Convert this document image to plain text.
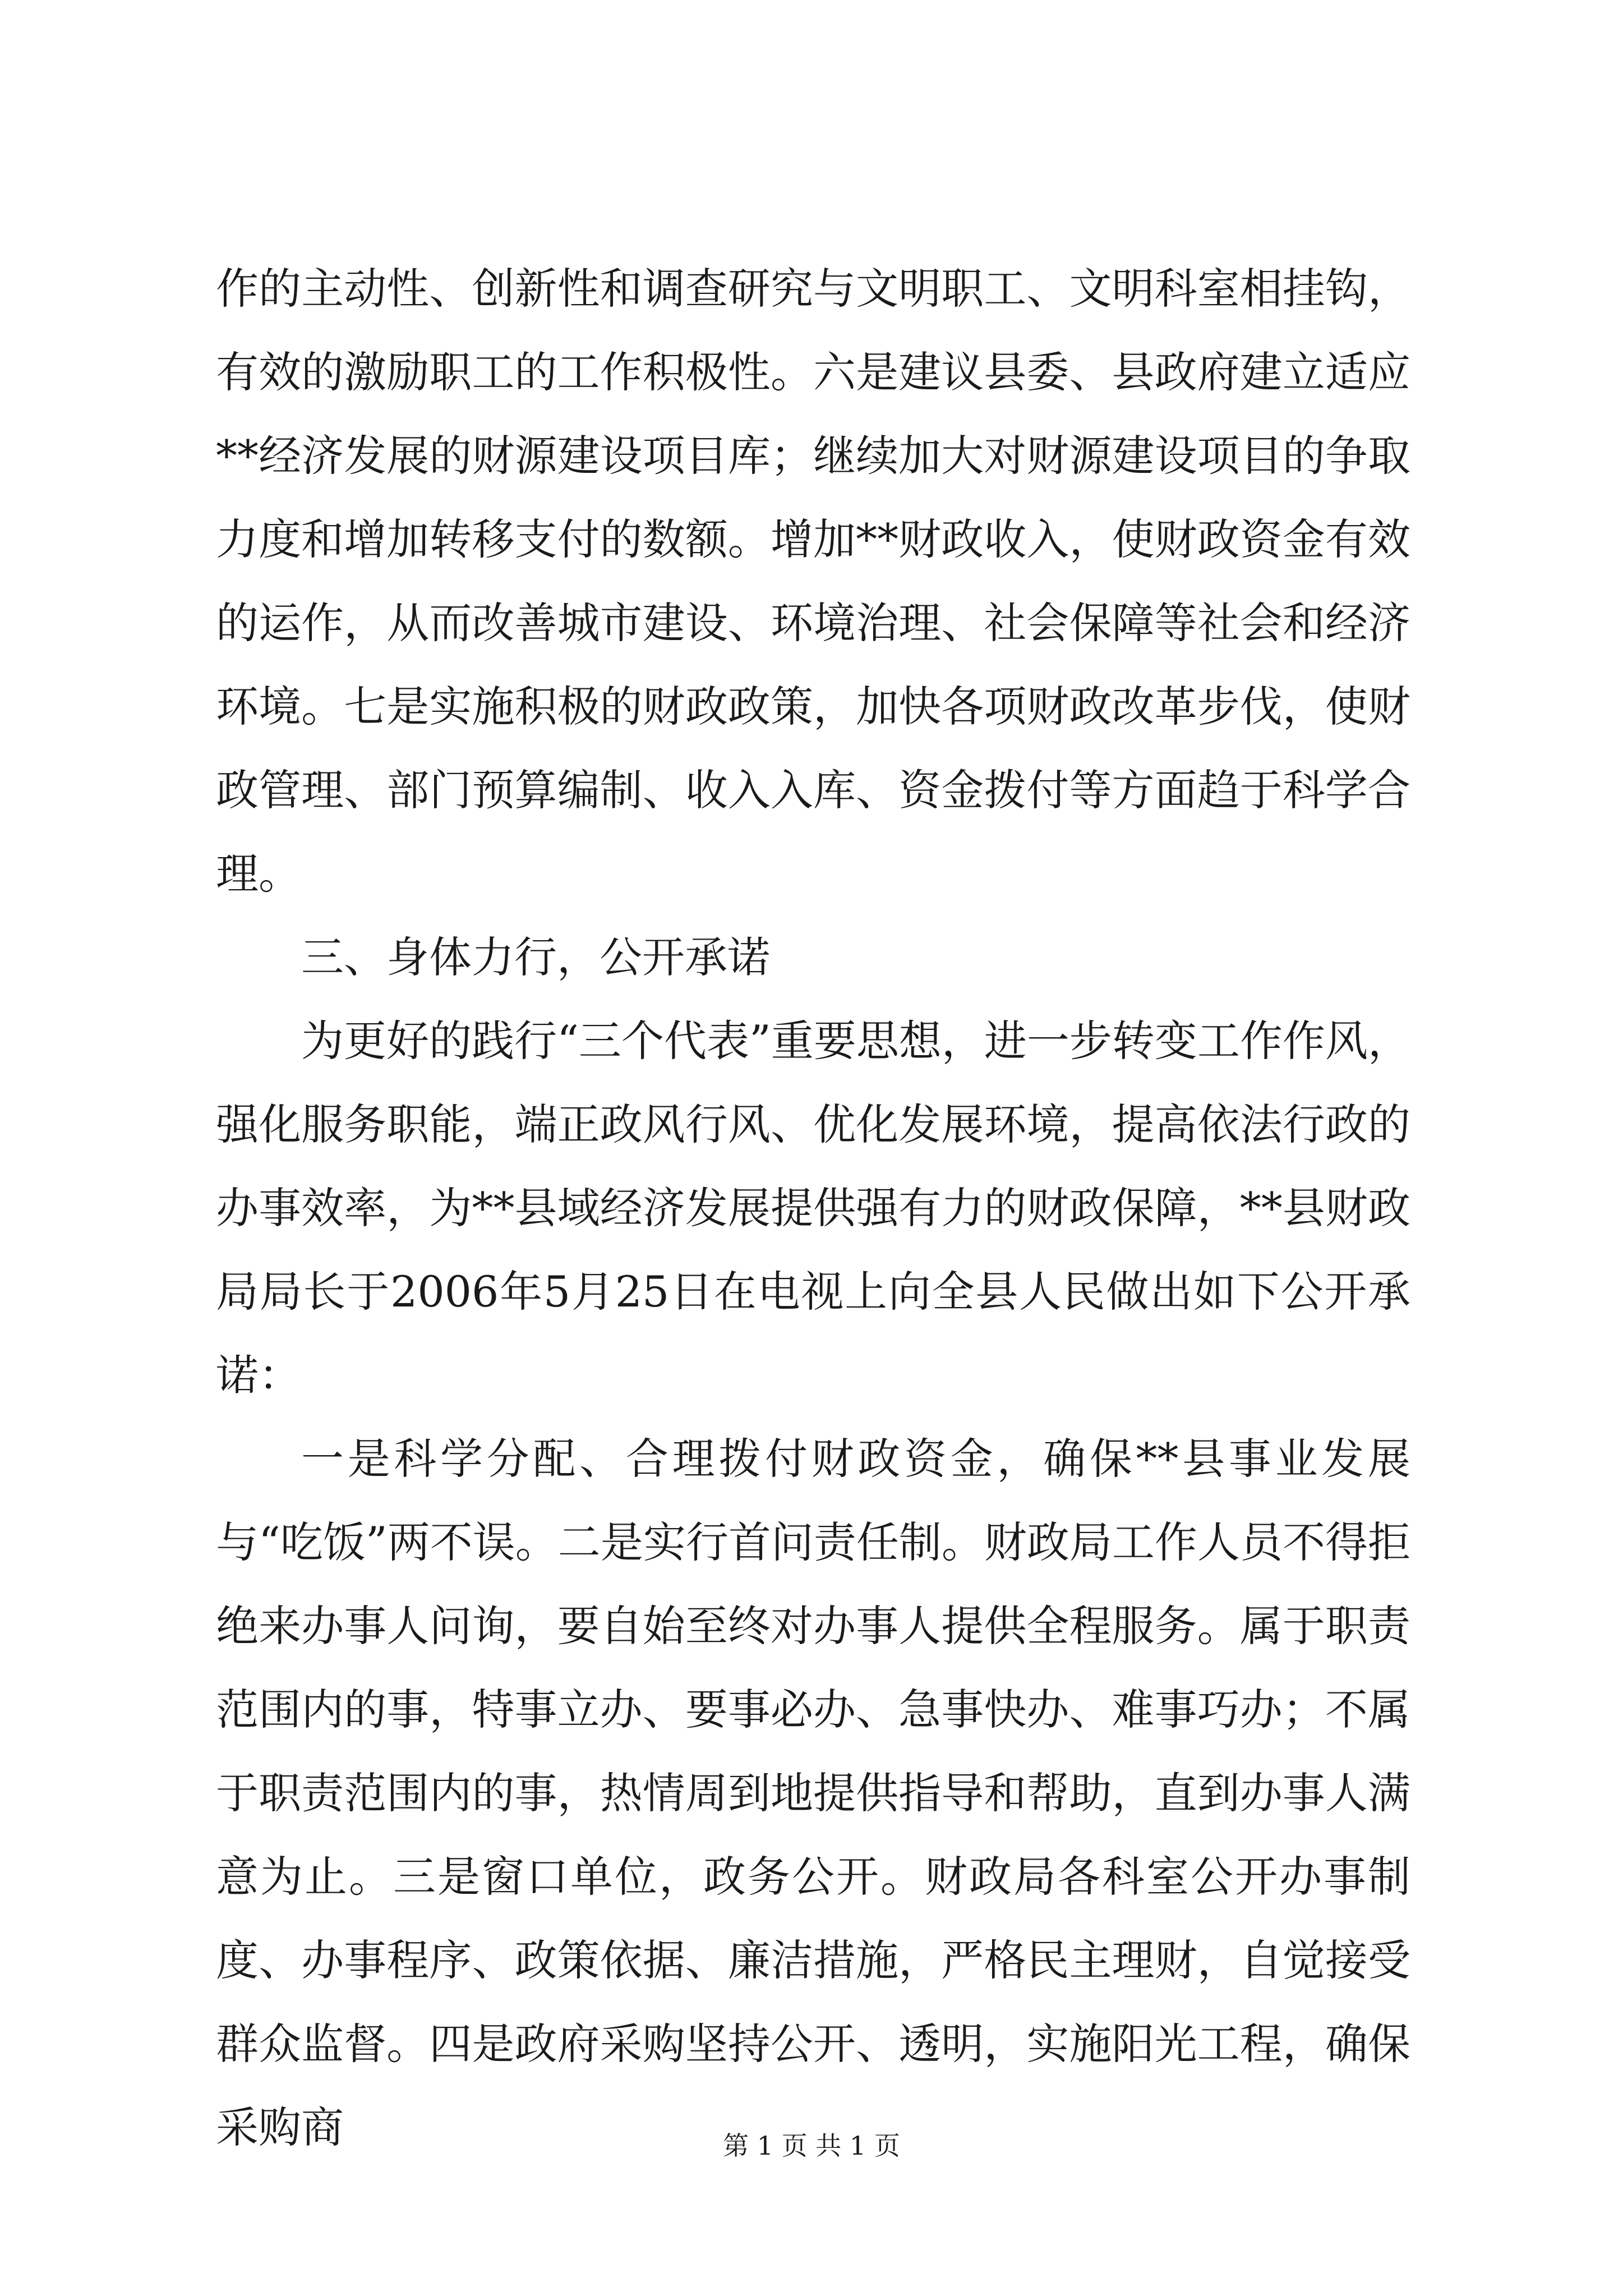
作的主动性、创新性和调查研究与文明职工、文明科室相挂钩，有效的激励职工的工作积极性。六是建议县委、县政府建立适应**经济发展的财源建设项目库；继续加大对财源建设项目的争取力度和增加转移支付的数额。增加**财政收入，使财政资金有效的运作，从而改善城市建设、环境治理、社会保障等社会和经济环境。七是实施积极的财政政策，加快各项财政改革步伐，使财政管理、部门预算编制、收入入库、资金拨付等方面趋于科学合理。

三、身体力行，公开承诺

为更好的践行“三个代表”重要思想，进一步转变工作作风，强化服务职能，端正政风行风、优化发展环境，提高依法行政的办事效率，为**县域经济发展提供强有力的财政保障，**县财政局局长于2006年5月25日在电视上向全县人民做出如下公开承诺：

一是科学分配、合理拨付财政资金，确保**县事业发展与“吃饭”两不误。二是实行首问责任制。财政局工作人员不得拒绝来办事人问询，要自始至终对办事人提供全程服务。属于职责范围内的事，特事立办、要事必办、急事快办、难事巧办；不属于职责范围内的事，热情周到地提供指导和帮助，直到办事人满意为止。三是窗口单位，政务公开。财政局各科室公开办事制度、办事程序、政策依据、廉洁措施，严格民主理财，自觉接受群众监督。四是政府采购坚持公开、透明，实施阳光工程，确保采购商	第 1 页 共 1 页
